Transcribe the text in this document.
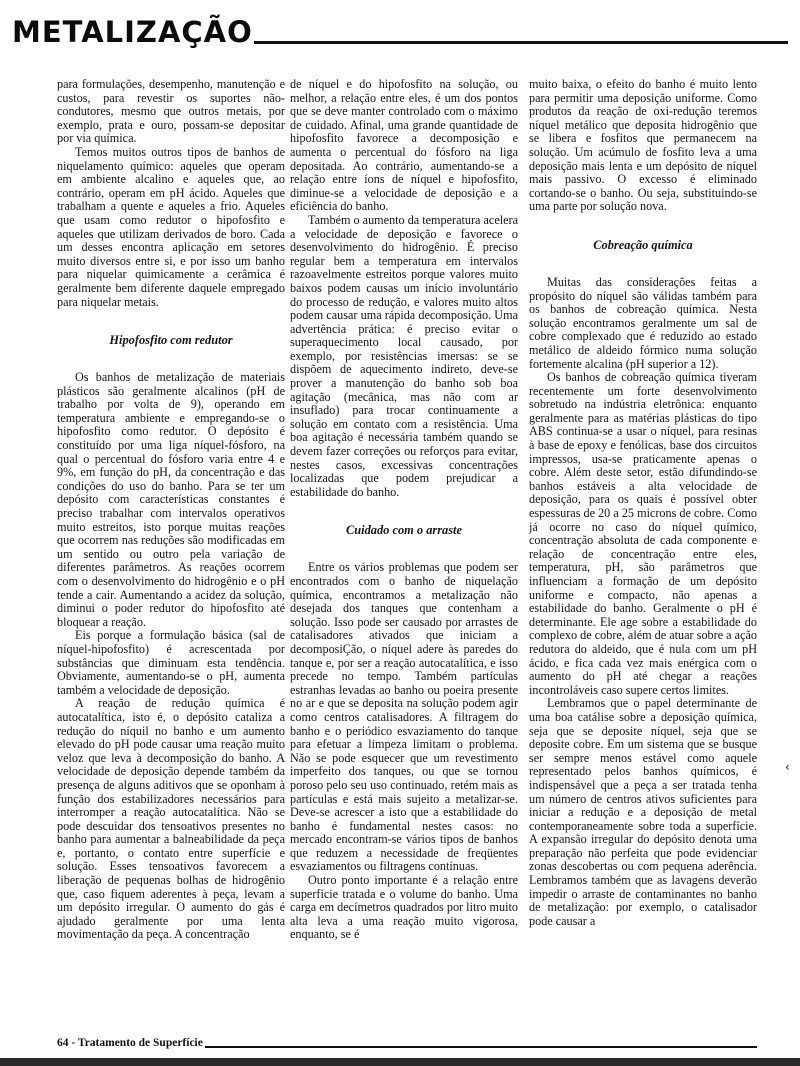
METALIZAÇÃO

para formulações, desempenho, manutenção e custos, para revestir os suportes não-condutores, mesmo que outros metais, por exemplo, prata e ouro, possam-se depositar por via química.

Temos muitos outros tipos de banhos de niquelamento químico: aqueles que operam em ambiente alcalino e aqueles que, ao contrário, operam em pH ácido. Aqueles que trabalham a quente e aqueles a frio. Aqueles que usam como redutor o hipofosfito e aqueles que utilizam derivados de boro. Cada um desses encontra aplicação em setores muito diversos entre si, e por isso um banho para niquelar quimicamente a cerâmica é geralmente bem diferente daquele empregado para niquelar metais.

Hipofosfito com redutor

Os banhos de metalização de materiais plásticos são geralmente alcalinos (pH de trabalho por volta de 9), operando em temperatura ambiente e empregando-se o hipofosfito como redutor. O depósito é constituído por uma liga níquel-fósforo, na qual o percentual do fósforo varia entre 4 e 9%, em função do pH, da concentração e das condições do uso do banho. Para se ter um depósito com características constantes é preciso trabalhar com intervalos operativos muito estreitos, isto porque muitas reações que ocorrem nas reduções são modificadas em um sentido ou outro pela variação de diferentes parâmetros. As reações ocorrem com o desenvolvimento do hidrogênio e o pH tende a cair. Aumentando a acidez da solução, diminui o poder redutor do hipofosfito até bloquear a reação.

Eis porque a formulação básica (sal de níquel-hipofosfito) é acrescentada por substâncias que diminuam esta tendência. Obviamente, aumentando-se o pH, aumenta também a velocidade de deposição.

A reação de redução química é autocatalítica, isto é, o depósito cataliza a redução do níquil no banho e um aumento elevado do pH pode causar uma reação muito veloz que leva à decomposição do banho. A velocidade de deposição depende também da presença de alguns aditivos que se oponham à função dos estabilizadores necessários para interromper a reação autocatalítica. Não se pode descuidar dos tensoativos presentes no banho para aumentar a balneabilidade da peça e, portanto, o contato entre superfície e solução. Esses tensoativos favorecem a liberação de pequenas bolhas de hidrogênio que, caso fiquem aderentes à peça, levam a um depósito irregular. O aumento do gás é ajudado geralmente por uma lenta movimentação da peça. A concentração

de níquel e do hipofosfito na solução, ou melhor, a relação entre eles, é um dos pontos que se deve manter controlado com o máximo de cuidado. Afinal, uma grande quantidade de hipofosfito favorece a decomposição e aumenta o percentual do fósforo na liga depositada. Ao contrário, aumentando-se a relação entre íons de níquel e hipofosfito, diminue-se a velocidade de deposição e a eficiência do banho.

Também o aumento da temperatura acelera a velocidade de deposição e favorece o desenvolvimento do hidrogênio. É preciso regular bem a temperatura em intervalos razoavelmente estreitos porque valores muito baixos podem causas um início involuntário do processo de redução, e valores muito altos podem causar uma rápida decomposição. Uma advertência prática: é preciso evitar o superaquecimento local causado, por exemplo, por resistências imersas: se se dispõem de aquecimento indireto, deve-se prover a manutenção do banho sob boa agitação (mecânica, mas não com ar insuflado) para trocar continuamente a solução em contato com a resistência. Uma boa agitação é necessária também quando se devem fazer correções ou reforços para evitar, nestes casos, excessivas concentrações localizadas que podem prejudicar a estabilidade do banho.

Cuidado com o arraste

Entre os vários problemas que podem ser encontrados com o banho de niquelação química, encontramos a metalização não desejada dos tanques que contenham a solução. Isso pode ser causado por arrastes de catalisadores ativados que iniciam a decomposiÇão, o níquel adere às paredes do tanque e, por ser a reação autocatalítica, e isso precede no tempo. Também partículas estranhas levadas ao banho ou poeira presente no ar e que se deposita na solução podem agir como centros catalisadores. A filtragem do banho e o periódico esvaziamento do tanque para efetuar a limpeza limitam o problema. Não se pode esquecer que um revestimento imperfeito dos tanques, ou que se tornou poroso pelo seu uso continuado, retém mais as partículas e está mais sujeito a metalizar-se. Deve-se acrescer a isto que a estabilidade do banho é fundamental nestes casos: no mercado encontram-se vários tipos de banhos que reduzem a necessidade de freqüentes esvaziamentos ou filtragens contínuas.

Outro ponto importante é a relação entre superfície tratada e o volume do banho. Uma carga em decímetros quadrados por litro muito alta leva a uma reação muito vigorosa, enquanto, se é

muito baixa, o efeito do banho é muito lento para permitir uma deposição uniforme. Como produtos da reação de oxi-redução teremos níquel metálico que deposita hidrogênio que se libera e fosfitos que permanecem na solução. Um acúmulo de fosfito leva a uma deposição mais lenta e um depósito de níquel mais passivo. O excesso é eliminado cortando-se o banho. Ou seja, substituindo-se uma parte por solução nova.

Cobreação química

Muitas das considerações feitas a propósito do níquel são válidas também para os banhos de cobreação química. Nesta solução encontramos geralmente um sal de cobre complexado que é reduzido ao estado metálico de aldeido fórmico numa solução fortemente alcalina (pH superior a 12).

Os banhos de cobreação química tiveram recentemente um forte desenvolvimento sobretudo na indústria eletrônica: enquanto geralmente para as matérias plásticas do tipo ABS continua-se a usar o níquel, para resinas à base de epoxy e fenólicas, base dos circuitos impressos, usa-se praticamente apenas o cobre. Além deste setor, estão difundindo-se banhos estáveis a alta velocidade de deposição, para os quais é possível obter espessuras de 20 a 25 microns de cobre. Como já ocorre no caso do níquel químico, concentração absoluta de cada componente e relação de concentração entre eles, temperatura, pH, são parâmetros que influenciam a formação de um depósito uniforme e compacto, não apenas a estabilidade do banho. Geralmente o pH é determinante. Ele age sobre a estabilidade do complexo de cobre, além de atuar sobre a ação redutora do aldeido, que é nula com um pH ácido, e fica cada vez mais enérgica com o aumento do pH até chegar a reações incontroláveis caso supere certos limites.

Lembramos que o papel determinante de uma boa catálise sobre a deposição química, seja que se deposite níquel, seja que se deposite cobre. Em um sistema que se busque ser sempre menos estável como aquele representado pelos banhos químicos, é indispensável que a peça a ser tratada tenha um número de centros ativos suficientes para iniciar a redução e a deposição de metal contemporaneamente sobre toda a superfície. A expansão irregular do depósito denota uma preparação não perfeita que pode evidenciar zonas descobertas ou com pequena aderência. Lembramos também que as lavagens deverão impedir o arraste de contaminantes no banho de metalização: por exemplo, o catalisador pode causar a

‹
64 - Tratamento de Superfície
